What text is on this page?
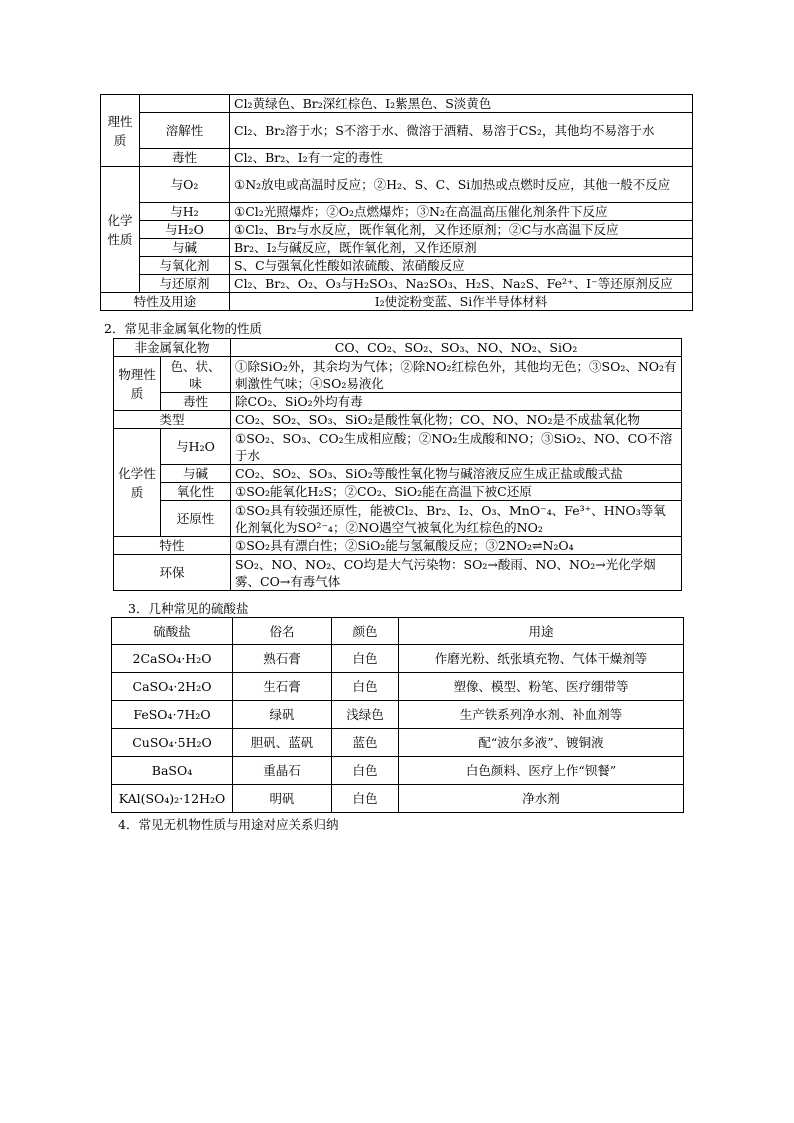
理性质		Cl₂黄绿色、Br₂深红棕色、I₂紫黑色、S淡黄色
	溶解性	Cl₂、Br₂溶于水；S不溶于水、微溶于酒精、易溶于CS₂，其他均不易溶于水
	毒性	Cl₂、Br₂、I₂有一定的毒性
化学性质	与O₂	①N₂放电或高温时反应；②H₂、S、C、Si加热或点燃时反应，其他一般不反应
	与H₂	①Cl₂光照爆炸；②O₂点燃爆炸；③N₂在高温高压催化剂条件下反应
	与H₂O	①Cl₂、Br₂与水反应，既作氧化剂，又作还原剂；②C与水高温下反应
	与碱	Br₂、I₂与碱反应，既作氧化剂，又作还原剂
	与氧化剂	S、C与强氧化性酸如浓硫酸、浓硝酸反应
	与还原剂	Cl₂、Br₂、O₂、O₃与H₂SO₃、Na₂SO₃、H₂S、Na₂S、Fe²⁺、I⁻等还原剂反应
特性及用途		I₂使淀粉变蓝、Si作半导体材料
2．常见非金属氧化物的性质
非金属氧化物		CO、CO₂、SO₂、SO₃、NO、NO₂、SiO₂
物理性质	色、状、味	①除SiO₂外，其余均为气体；②除NO₂红棕色外，其他均无色；③SO₂、NO₂有刺激性气味；④SO₂易液化
	毒性	除CO₂、SiO₂外均有毒
类型		CO₂、SO₂、SO₃、SiO₂是酸性氧化物；CO、NO、NO₂是不成盐氧化物
化学性质	与H₂O	①SO₂、SO₃、CO₂生成相应酸；②NO₂生成酸和NO；③SiO₂、NO、CO不溶于水
	与碱	CO₂、SO₂、SO₃、SiO₂等酸性氧化物与碱溶液反应生成正盐或酸式盐
	氧化性	①SO₂能氧化H₂S；②CO₂、SiO₂能在高温下被C还原
	还原性	①SO₂具有较强还原性，能被Cl₂、Br₂、I₂、O₃、MnO⁻₄、Fe³⁺、HNO₃等氧化剂氧化为SO²⁻₄；②NO遇空气被氧化为红棕色的NO₂
特性		①SO₂具有漂白性；②SiO₂能与氢氟酸反应；③2NO₂⇌N₂O₄
环保		SO₂、NO、NO₂、CO均是大气污染物：SO₂→酸雨、NO、NO₂→光化学烟雾、CO→有毒气体
3．几种常见的硫酸盐
硫酸盐	俗名	颜色	用途
2CaSO₄·H₂O	熟石膏	白色	作磨光粉、纸张填充物、气体干燥剂等
CaSO₄·2H₂O	生石膏	白色	塑像、模型、粉笔、医疗绷带等
FeSO₄·7H₂O	绿矾	浅绿色	生产铁系列净水剂、补血剂等
CuSO₄·5H₂O	胆矾、蓝矾	蓝色	配“波尔多液”、镀铜液
BaSO₄	重晶石	白色	白色颜料、医疗上作“钡餐”
KAl(SO₄)₂·12H₂O	明矾	白色	净水剂
4．常见无机物性质与用途对应关系归纳
